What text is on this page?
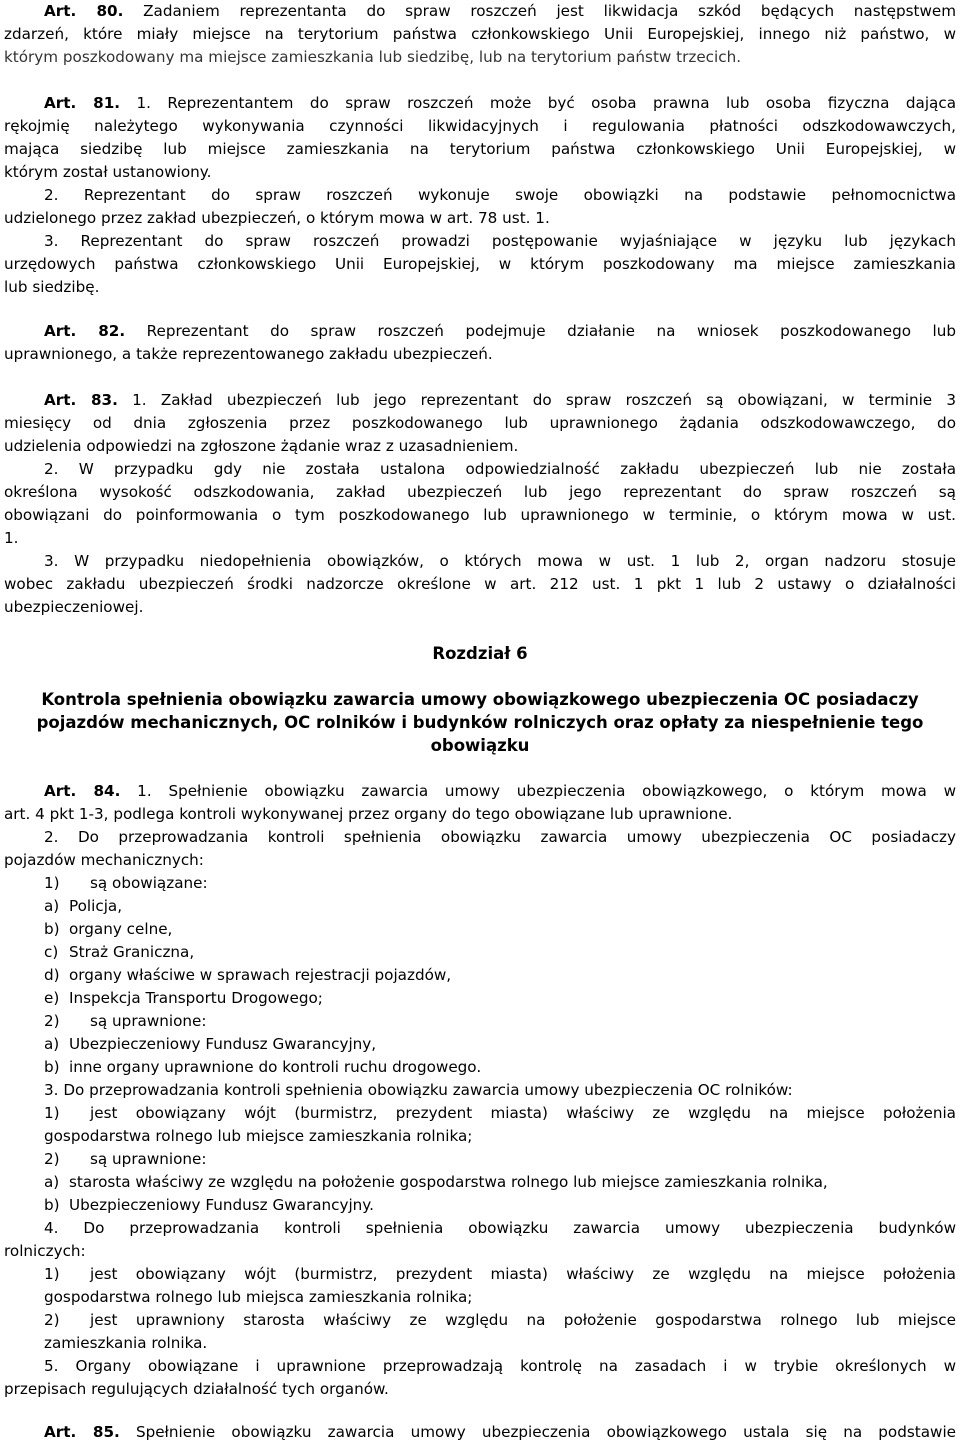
Art. 80. Zadaniem reprezentanta do spraw roszczeń jest likwidacja szkód będących następstwem
zdarzeń, które miały miejsce na terytorium państwa członkowskiego Unii Europejskiej, innego niż państwo, w
którym poszkodowany ma miejsce zamieszkania lub siedzibę, lub na terytorium państw trzecich.
Art. 81. 1. Reprezentantem do spraw roszczeń może być osoba prawna lub osoba fizyczna dająca
rękojmię należytego wykonywania czynności likwidacyjnych i regulowania płatności odszkodowawczych,
mająca siedzibę lub miejsce zamieszkania na terytorium państwa członkowskiego Unii Europejskiej, w
którym został ustanowiony.
2. Reprezentant do spraw roszczeń wykonuje swoje obowiązki na podstawie pełnomocnictwa
udzielonego przez zakład ubezpieczeń, o którym mowa w art. 78 ust. 1.
3. Reprezentant do spraw roszczeń prowadzi postępowanie wyjaśniające w języku lub językach
urzędowych państwa członkowskiego Unii Europejskiej, w którym poszkodowany ma miejsce zamieszkania
lub siedzibę.
Art. 82. Reprezentant do spraw roszczeń podejmuje działanie na wniosek poszkodowanego lub
uprawnionego, a także reprezentowanego zakładu ubezpieczeń.
Art. 83. 1. Zakład ubezpieczeń lub jego reprezentant do spraw roszczeń są obowiązani, w terminie 3
miesięcy od dnia zgłoszenia przez poszkodowanego lub uprawnionego żądania odszkodowawczego, do
udzielenia odpowiedzi na zgłoszone żądanie wraz z uzasadnieniem.
2. W przypadku gdy nie została ustalona odpowiedzialność zakładu ubezpieczeń lub nie została
określona wysokość odszkodowania, zakład ubezpieczeń lub jego reprezentant do spraw roszczeń są
obowiązani do poinformowania o tym poszkodowanego lub uprawnionego w terminie, o którym mowa w ust.
1.
3. W przypadku niedopełnienia obowiązków, o których mowa w ust. 1 lub 2, organ nadzoru stosuje
wobec zakładu ubezpieczeń środki nadzorcze określone w art. 212 ust. 1 pkt 1 lub 2 ustawy o działalności
ubezpieczeniowej.
Rozdział 6
Kontrola spełnienia obowiązku zawarcia umowy obowiązkowego ubezpieczenia OC posiadaczy
pojazdów mechanicznych, OC rolników i budynków rolniczych oraz opłaty za niespełnienie tego
obowiązku
Art. 84. 1. Spełnienie obowiązku zawarcia umowy ubezpieczenia obowiązkowego, o którym mowa w
art. 4 pkt 1-3, podlega kontroli wykonywanej przez organy do tego obowiązane lub uprawnione.
2. Do przeprowadzania kontroli spełnienia obowiązku zawarcia umowy ubezpieczenia OC posiadaczy
pojazdów mechanicznych:
1) są obowiązane:
a) Policja,
b) organy celne,
c) Straż Graniczna,
d) organy właściwe w sprawach rejestracji pojazdów,
e) Inspekcja Transportu Drogowego;
2) są uprawnione:
a) Ubezpieczeniowy Fundusz Gwarancyjny,
b) inne organy uprawnione do kontroli ruchu drogowego.
3. Do przeprowadzania kontroli spełnienia obowiązku zawarcia umowy ubezpieczenia OC rolników:
1) jest obowiązany wójt (burmistrz, prezydent miasta) właściwy ze względu na miejsce położenia
gospodarstwa rolnego lub miejsce zamieszkania rolnika;
2) są uprawnione:
a) starosta właściwy ze względu na położenie gospodarstwa rolnego lub miejsce zamieszkania rolnika,
b) Ubezpieczeniowy Fundusz Gwarancyjny.
4. Do przeprowadzania kontroli spełnienia obowiązku zawarcia umowy ubezpieczenia budynków
rolniczych:
1) jest obowiązany wójt (burmistrz, prezydent miasta) właściwy ze względu na miejsce położenia
gospodarstwa rolnego lub miejsca zamieszkania rolnika;
2) jest uprawniony starosta właściwy ze względu na położenie gospodarstwa rolnego lub miejsce
zamieszkania rolnika.
5. Organy obowiązane i uprawnione przeprowadzają kontrolę na zasadach i w trybie określonych w
przepisach regulujących działalność tych organów.
Art. 85. Spełnienie obowiązku zawarcia umowy ubezpieczenia obowiązkowego ustala się na podstawie
